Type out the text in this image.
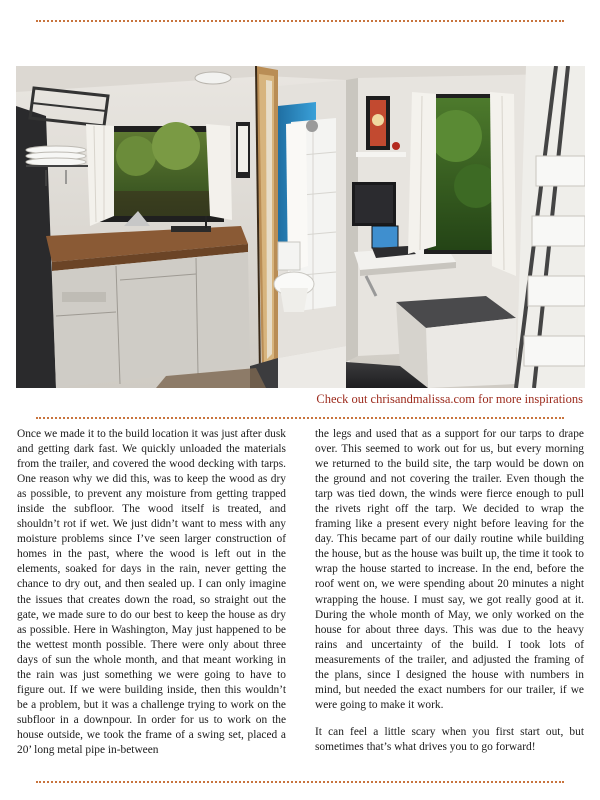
Check out chrisandmalissa.com for more inspirations

Once we made it to the build location it was just after dusk and getting dark fast. We quickly unloaded the materials from the trailer, and covered the wood decking with tarps. One reason why we did this, was to keep the wood as dry as possible, to prevent any moisture from getting trapped inside the subfloor. The wood itself is treated, and shouldn’t rot if wet. We just didn’t want to mess with any moisture problems since I’ve seen larger construction of homes in the past, where the wood is left out in the elements, soaked for days in the rain, never getting the chance to dry out, and then sealed up. I can only imagine the issues that creates down the road, so straight out the gate, we made sure to do our best to keep the house as dry as possible. Here in Washington, May just happened to be the wettest month possible. There were only about three days of sun the whole month, and that meant working in the rain was just something we were going to have to figure out. If we were building inside, then this wouldn’t be a problem, but it was a challenge trying to work on the subfloor in a downpour. In order for us to work on the house outside, we took the frame of a swing set, placed a 20’ long metal pipe in-between

the legs and used that as a support for our tarps to drape over. This seemed to work out for us, but every morning we returned to the build site, the tarp would be down on the ground and not covering the trailer. Even though the tarp was tied down, the winds were fierce enough to pull the rivets right off the tarp. We decided to wrap the framing like a present every night before leaving for the day. This became part of our daily routine while building the house, but as the house was built up, the time it took to wrap the house started to increase. In the end, before the roof went on, we were spending about 20 minutes a night wrapping the house. I must say, we got really good at it. During the whole month of May, we only worked on the house for about three days. This was due to the heavy rains and uncertainty of the build. I took lots of measurements of the trailer, and adjusted the framing of the plans, since I designed the house with numbers in mind, but needed the exact numbers for our trailer, if we were going to make it work.

It can feel a little scary when you first start out, but sometimes that’s what drives you to go forward!
